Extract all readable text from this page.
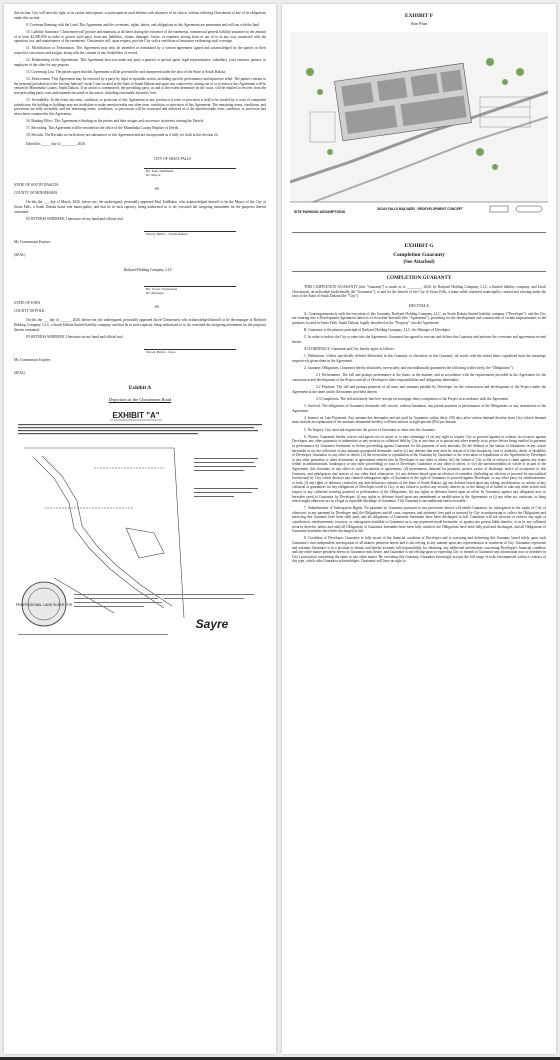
this section. City will have the right, at its option and expense, to participate in such defense with attorneys of its choice, without relieving Christensen of any of its obligations under this section.

9. Covenant Running with the Land. This Agreement and the covenants, rights, duties, and obligations in this Agreement are permanent and will run with the land.

10. Liability Insurance. Christensen will procure and maintain, at all times during the existence of the easements, commercial general liability insurance in the amount of at least $2,000,000 in order to protect such party from any liabilities, claims, damages, losses, or expenses arising from or out of or in any way connected with the operation, use, and maintenance of the easements. Christensen will, upon request, provide City with a certificate of insurance evidencing such coverage.

11. Modification or Termination. This Agreement may only be amended or terminated by a written agreement signed and acknowledged by the parties or their respective successors and assigns, along with the consent of any lienholders of record.

12. Relationship of the Agreements. This Agreement does not make any party a general or special agent, legal representative, subsidiary, joint venturer, partner, or employee of the other for any purpose.

13. Governing Law. The parties agree that this Agreement will be governed by and interpreted under the laws of the State of South Dakota.

14. Enforcement. This Agreement may be enforced by a party by legal or equitable action, including specific performance and injunctive relief. The parties consent to the personal jurisdiction of the Second Judicial Circuit Court located in the State of South Dakota and agree any controversy arising out of or to enforce this Agreement will be venued in Minnehaha County, South Dakota. If an action is commenced, the prevailing party, as and to the extent determine by the court, will be entitled to recover from the non-prevailing party costs and expenses incurred in the action, including reasonable attorneys' fees.

15. Severability. In the event any term, condition, or provision of this Agreement or any portion of a term or provision is held to be invalid by a court of competent jurisdiction, the holding or holdings may not invalidate or make unenforceable any other term, condition, or provision of this Agreement. The remaining terms, conditions, and provisions are fully severable, and the remaining terms, conditions, or provisions will be construed and enforced as if the unenforceable term, condition, or provision had never been contained in this Agreement.

16. Binding Effect. This Agreement is binding on the parties and their assigns and successors in interest owning the Parcels.

17. Recording. This Agreement will be recorded in the office of the Minnehaha County Register of Deeds.

18. Recitals. The Recitals set forth above are substantive to this Agreement and are incorporated as if fully set forth in this Section 22.

Dated this _____ day of ________, 2026.

CITY OF SIOUX FALLS
By: Paul TenHaken
Its: Mayor
STATE OF SOUTH DAKOTA
COUNTY OF MINNEHAHA
:SS

On this the ___ day of March, 2026, before me, the undersigned, personally appeared Paul TenHaken, who acknowledged himself to be the Mayor of the City of Sioux Falls, a South Dakota home rule municipality, and that he in such capacity, being authorized so to do, executed the foregoing instrument for the purposes therein contained.

IN WITNESS WHEREOF, I hereunto set my hand and official seal.

Notary Public - South Dakota
My Commission Expires:
(SEAL)
Railyard Holding Company, LLC
By: Jacob Christensen
Its: Manager
STATE OF IOWA
COUNTY OF POLK
:SS

On this the ___ day of ______, 2026, before me, the undersigned, personally appeared Jacob Christensen, who acknowledged himself to be the manager of Railyard Holding Company, LLC, a South Dakota limited liability company, and that he in such capacity, being authorized so to do, executed the foregoing instrument for the purposes therein contained.

IN WITNESS WHEREOF, I hereunto set my hand and official seal.

Notary Public - Iowa
My Commission Expires:
(SEAL)
Exhibit A
Depiction of the Christensen Road
EXHIBIT "A"
PROFESSIONAL LAND SURVEYOR
Sayre
EXHIBIT F
Site Plan
SITE PARKING ASSUMPTIONS
SIOUX FALLS RAILYARD - REDEVELOPMENT CONCEPT
EXHIBIT G
Completion Guaranty
(See Attached)
COMPLETION GUARANTY

THIS COMPLETION GUARANTY (this "Guaranty") is made as of ________, 2026, by Railyard Holding Company, LLC, a limited liability company, and Jacob Christensen, an individual (individually the "Guarantor"), to and for the benefit of the City of Sioux Falls, a home ruled chartered municipality created and existing under the laws of the State of South Dakota (the "City").

RECITALS

A. Contemporaneously with the execution of this Guaranty, Railyard Holding Company, LLC, an South Dakota limited liability company ("Developer"), and the City are entering into a Development Agreement dated as of even date herewith (the "Agreement"), providing for the development and construction of certain improvements to the premises located in Sioux Falls, South Dakota, legally described as the "Property" into the Agreement.

B. Guarantor is the primary principal of Railyard Holding Company, LLC, the Manager of Developer.

C. In order to induce the City to enter into the Agreement, Guarantor has agreed to execute and deliver this Guaranty and perform the covenants and agreements recited herein.

ACCORDINGLY, Guarantor and City hereby agree as follows:

1. Definitions. Unless specifically defined differently in this Guaranty or elsewhere in this Guaranty, all words with the initial letter capitalized have the meanings respectively given them in the Agreement.

2. Guaranty Obligations. Guarantor hereby absolutely, irrevocably, and unconditionally guarantees the following (collectively, the "Obligations"):

2.1 Performance. The full and prompt performance at the times, in the manner, and in accordance with the requirements provided in the Agreement for the construction and development of the Project and all of Developer's other responsibilities and obligations thereunder.

2.2 Payment. The full and prompt payment of all sums and amounts payable by Developer for the construction and development of the Project under the Agreement at the times and in the manner provided therein.

2.3 Completion. The full and timely lien-free (except for mortgage liens) completion of the Project in accordance with the Agreement.

3. Survival. The obligations of Guarantor hereunder will survive, without limitation, any partial payment or performance of the Obligations, or any termination of the Agreement.

4. Interest on Late Payments. Any amount due hereunder and not paid by Guarantor within thirty (30) days after written demand therefor from City (which demand must include an explanation of the amounts demanded thereby) will bear interest at eight percent (8%) per annum.

5. No Inquiry. City need not inquire into the power of Guarantor to enter into this Guaranty.

6. Waiver. Guarantor hereby waives and agrees not to assert or to take advantage of (a) any right to require City to proceed against or exhaust its recourse against Developer, any other guarantor or indemnitor or any security or collateral held by City at any time or to pursue any other remedy in its power before being entitled to payment or performance by Guarantor hereunder or before proceeding against Guarantor for the payment of such amounts; (b) the defense of the statute of limitations in any action hereunder or for the collection of any amounts guaranteed hereunder; and/or (c) any defense that may arise by reason of (i) the incapacity, lack of authority, death, or disability of Developer, Guarantor or any other or others, (ii) the revocation or repudiation of the Guaranty by Guarantor or the revocation or repudiation of the Agreement by Developer or any other guarantor or other documents or agreements entered into by Developer or any other or others, (iii) the failure of City to file or enforce a claim against any estate (either in administration, bankruptcy or any other proceeding) or trust of Developer, Guarantor or any other or others, or (iv) the unenforceability in whole or in part of the Agreement, this Guaranty or any other of such documents or agreements, (d) presentment, demand for payment, protest, notice of discharge, notice of acceptance of this Guaranty, and indulgences and notices of any other kind whatsoever, (e) any defense based upon an election of remedies (including an election to proceed by non-judicial foreclosure) by City which destroys any claimed subrogation rights of Guarantor or the right of Guarantor to proceed against Developer, or any other party for reimbursement, or both, (f) any rights or defenses created by any anti-deficiency statutes of the State of South Dakota, (g) any defense based upon any taking, modification, or release of any collateral or guarantees for any obligations of Developer owed to City, or any failure to perfect any security interest in, or the taking of or failure to take any other action with respect to any collateral securing payment or performance of the Obligations, (h) any rights or defenses based upon an offset by Guarantor against any obligation now or hereafter owed to Guarantor by Developer; (i) any rights or defenses based upon any amendment or modification to the Agreement; or (j) any other act, omission, or thing which might otherwise act as a legal or equitable discharge of Guarantor. This Guaranty is unconditional and irrevocable.

7. Subordination of Subrogation Rights. No payment by Guarantor pursuant to any provisions hereof will entitle Guarantor, by subrogation to the rights of City or otherwise, to any payment by Developer until the Obligations and all costs, expenses, and attorneys' fees paid or incurred by City in endeavoring to collect the Obligations and enforcing this Guaranty have been fully paid, and all obligations of Guarantor hereunder have been discharged in full. Guarantor will not exercise or enforce any right of contribution, reimbursement, recourse, or subrogation available to Guarantor as to any payments made hereunder, or against any person liable therefor, or as to any collateral security therefor, unless and until all Obligations of Guarantor hereunder have been fully satisfied, the Obligations have been fully paid and discharged, and all Obligations of Guarantor hereunder have been discharged in full.

8. Condition of Developer. Guarantor is fully aware of the financial condition of Developer and is executing and delivering this Guaranty based solely upon such Guarantor's own independent investigation of all matters pertinent hereto and is not relying in any manner upon any representation or statement of City. Guarantor represents and warrants Guarantor is in a position to obtain, and hereby assumes full responsibility for obtaining, any additional information concerning Developer's financial condition and any other matter pertinent hereto as Guarantor may desire, and Guarantor is not relying upon or expecting City to furnish to Guarantor any information now or hereafter in City's possession concerning the same or any other matter. By executing this Guaranty, Guarantor knowingly accepts the full range of risks encompassed within a contract of this type, which risks Guarantor acknowledges. Guarantor will have no right to
